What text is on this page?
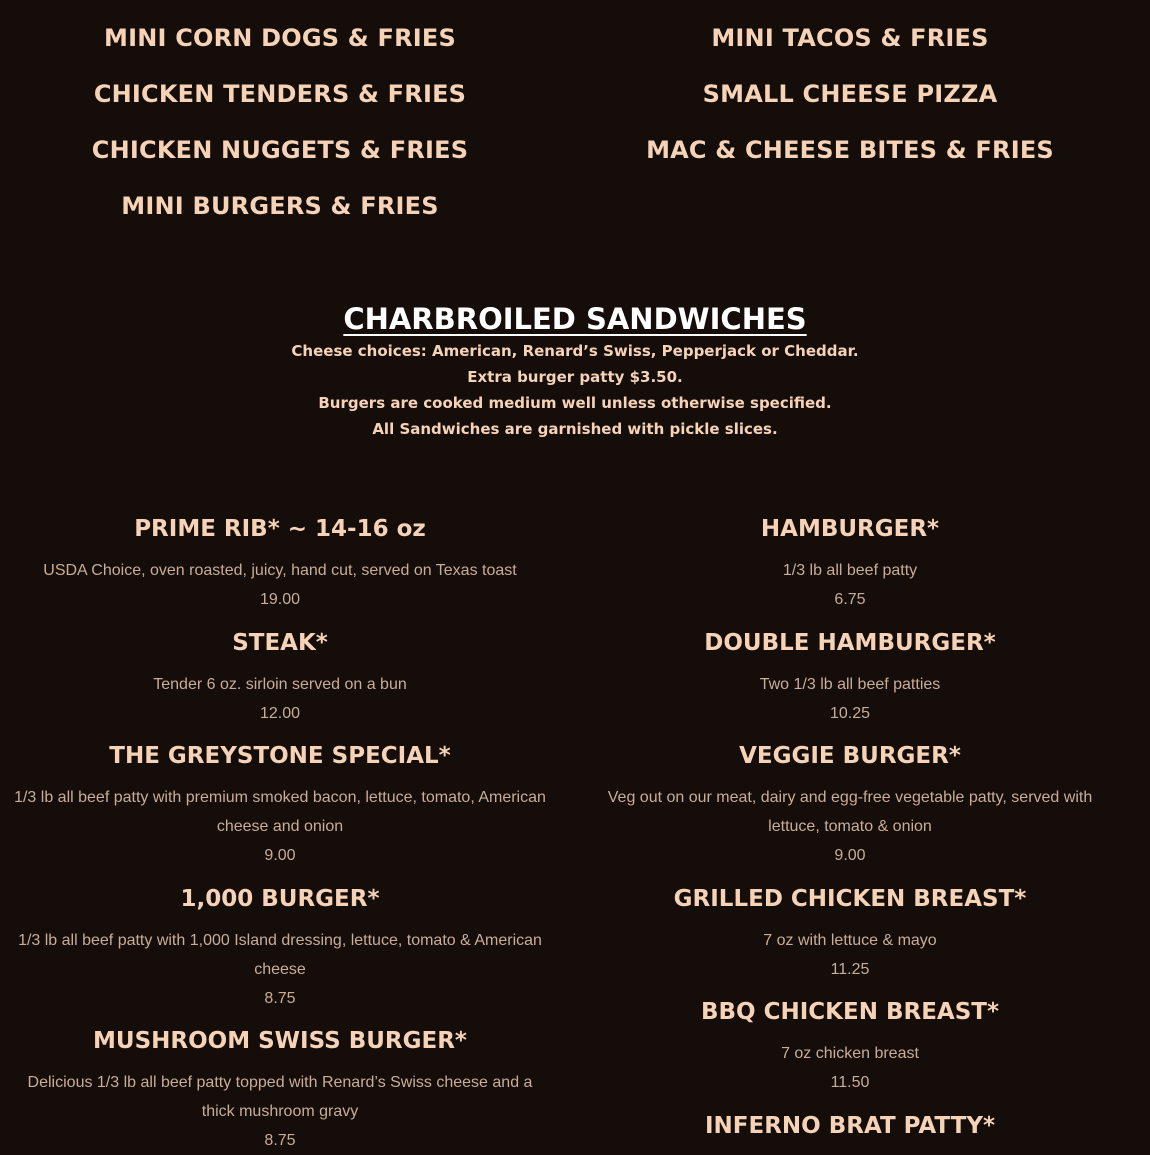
MINI CORN DOGS & FRIES

CHICKEN TENDERS & FRIES

CHICKEN NUGGETS & FRIES

MINI BURGERS & FRIES

MINI TACOS & FRIES

SMALL CHEESE PIZZA

MAC & CHEESE BITES & FRIES

CHARBROILED SANDWICHES

Cheese choices: American, Renard’s Swiss, Pepperjack or Cheddar.

Extra burger patty $3.50.

Burgers are cooked medium well unless otherwise specified.

All Sandwiches are garnished with pickle slices.

PRIME RIB* ~ 14-16 oz

USDA Choice, oven roasted, juicy, hand cut, served on Texas toast

19.00

STEAK*

Tender 6 oz. sirloin served on a bun

12.00

THE GREYSTONE SPECIAL*

1/3 lb all beef patty with premium smoked bacon, lettuce, tomato, American cheese and onion

9.00

1,000 BURGER*

1/3 lb all beef patty with 1,000 Island dressing, lettuce, tomato & American cheese

8.75

MUSHROOM SWISS BURGER*

Delicious 1/3 lb all beef patty topped with Renard’s Swiss cheese and a thick mushroom gravy

8.75

HAMBURGER*

1/3 lb all beef patty

6.75

DOUBLE HAMBURGER*

Two 1/3 lb all beef patties

10.25

VEGGIE BURGER*

Veg out on our meat, dairy and egg-free vegetable patty, served with lettuce, tomato & onion

9.00

GRILLED CHICKEN BREAST*

7 oz with lettuce & mayo

11.25

BBQ CHICKEN BREAST*

7 oz chicken breast

11.50

INFERNO BRAT PATTY*
